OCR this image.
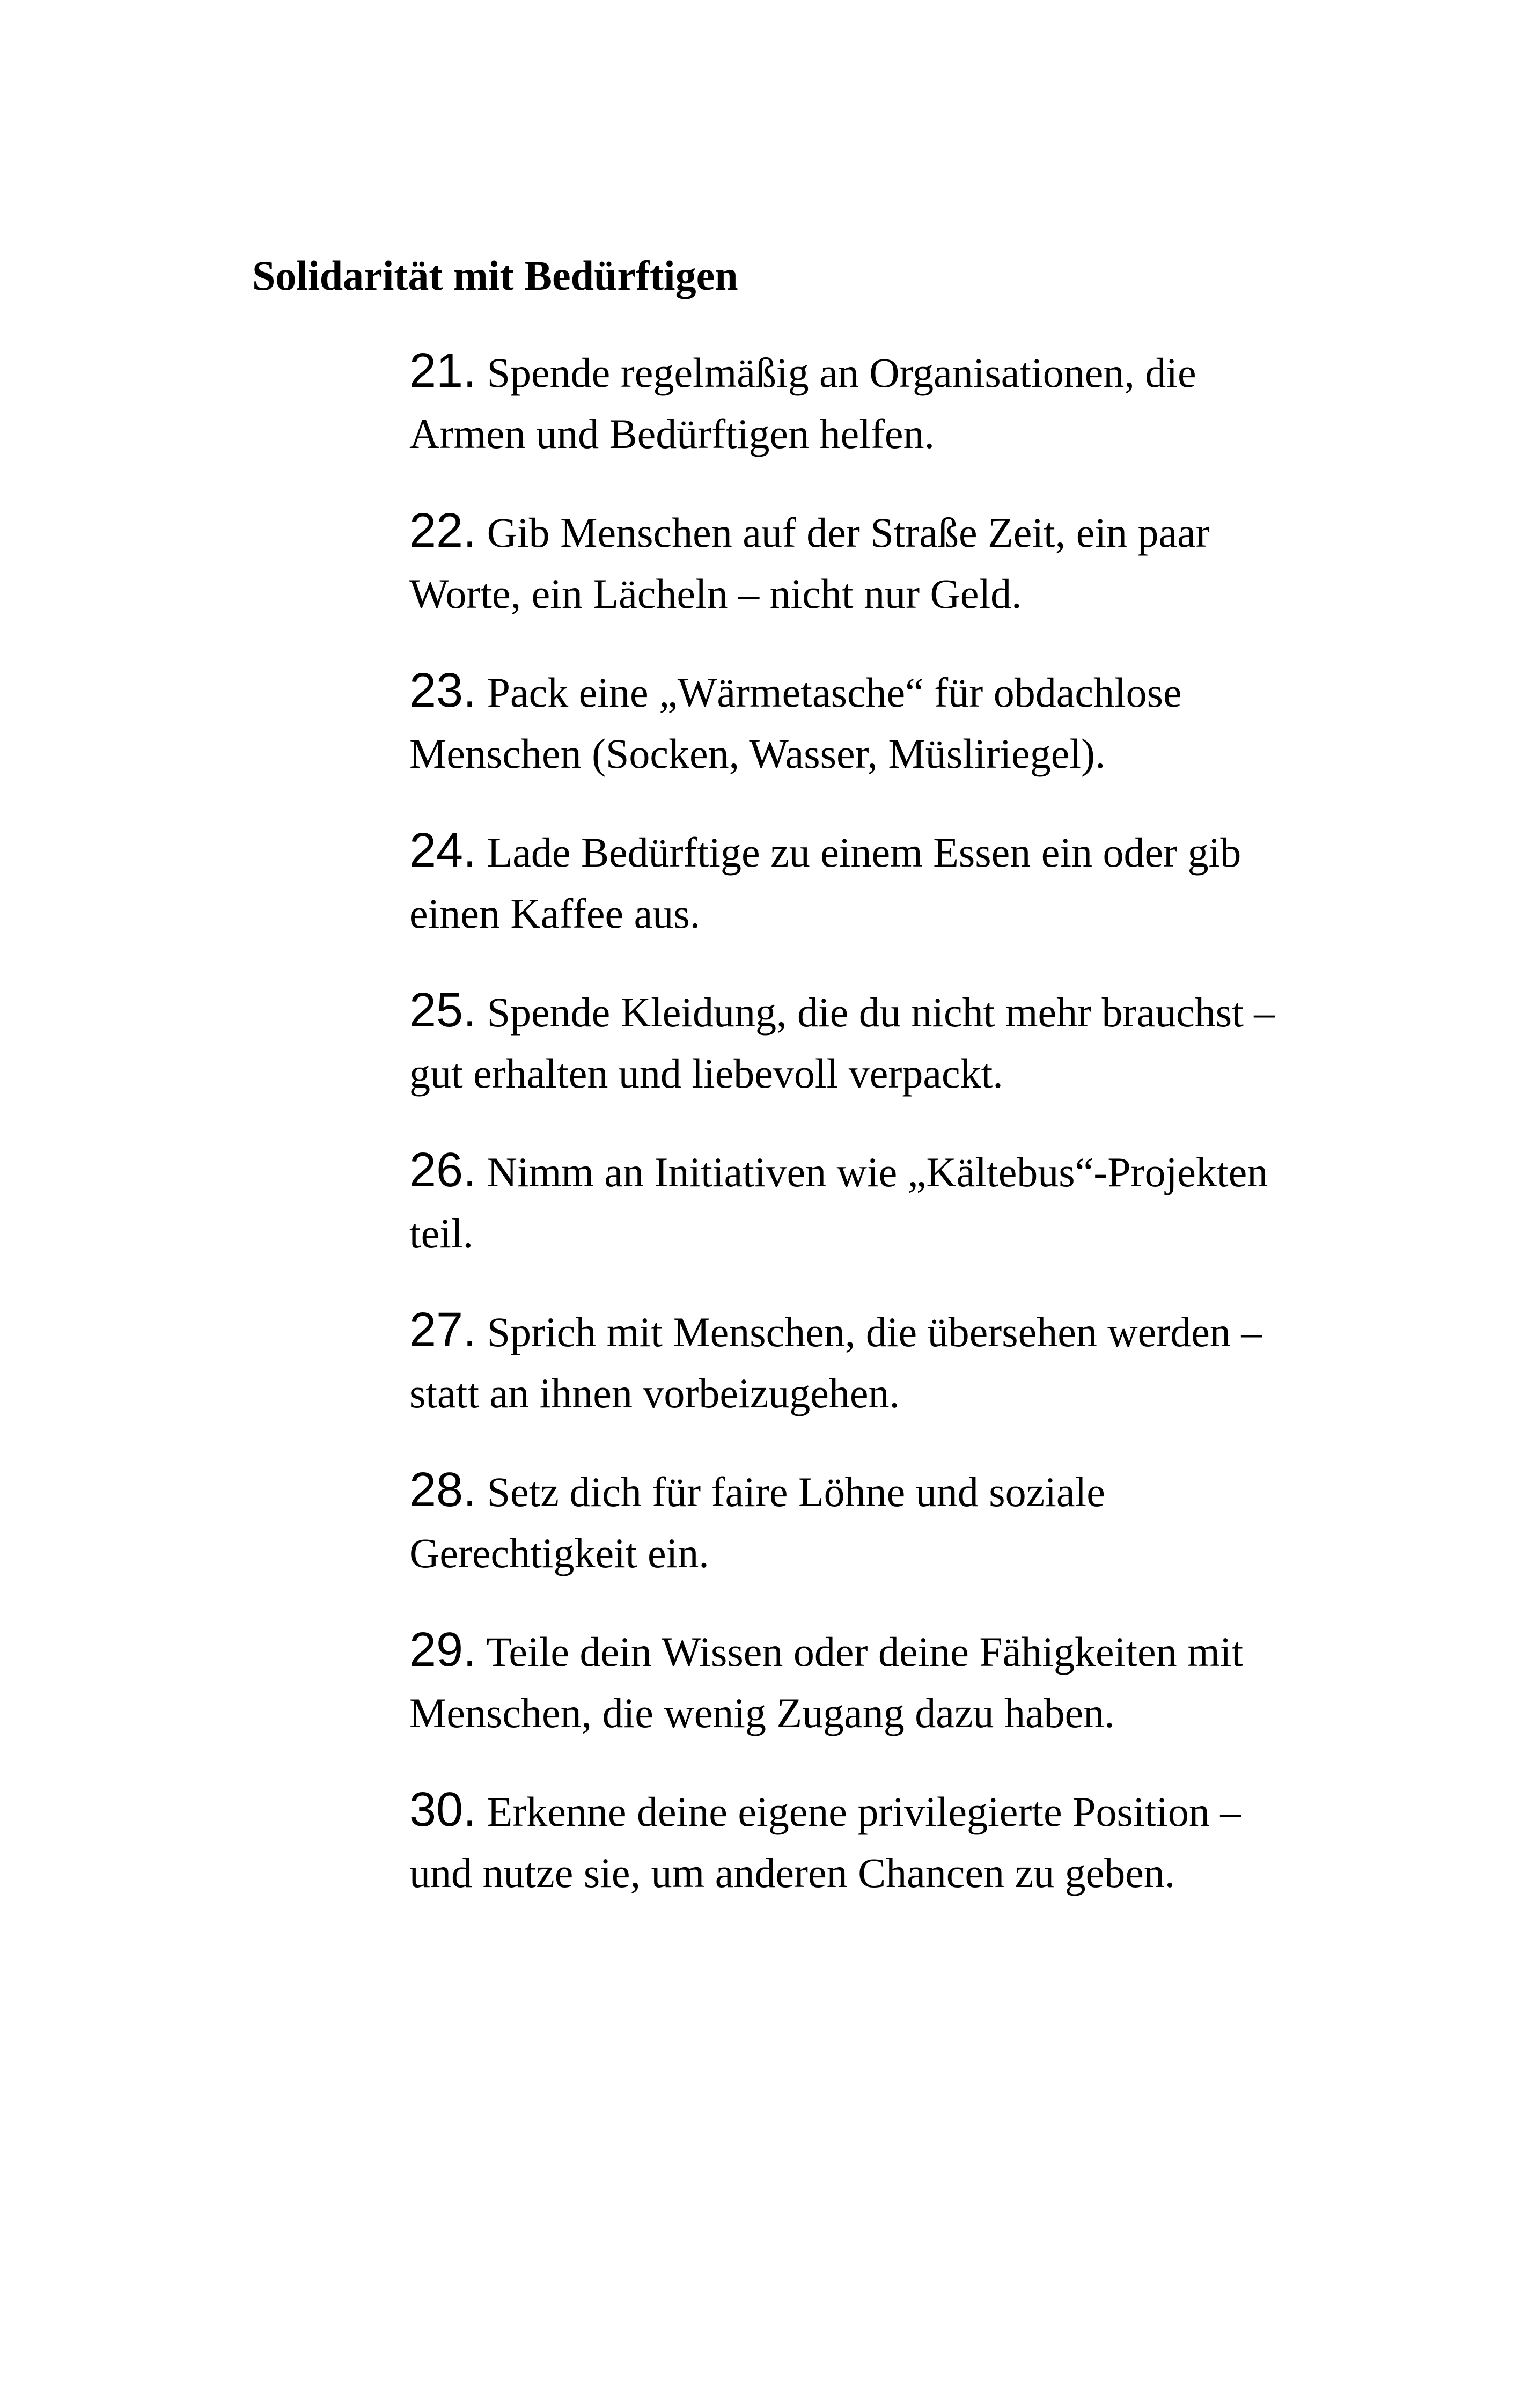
Solidarität mit Bedürftigen
21. Spende regelmäßig an Organisationen, die Armen und Bedürftigen helfen.
22. Gib Menschen auf der Straße Zeit, ein paar Worte, ein Lächeln – nicht nur Geld.
23. Pack eine „Wärmetasche“ für obdachlose Menschen (Socken, Wasser, Müsliriegel).
24. Lade Bedürftige zu einem Essen ein oder gib einen Kaffee aus.
25. Spende Kleidung, die du nicht mehr brauchst – gut erhalten und liebevoll verpackt.
26. Nimm an Initiativen wie „Kältebus“-Projekten teil.
27. Sprich mit Menschen, die übersehen werden – statt an ihnen vorbeizugehen.
28. Setz dich für faire Löhne und soziale Gerechtigkeit ein.
29. Teile dein Wissen oder deine Fähigkeiten mit Menschen, die wenig Zugang dazu haben.
30. Erkenne deine eigene privilegierte Position – und nutze sie, um anderen Chancen zu geben.
